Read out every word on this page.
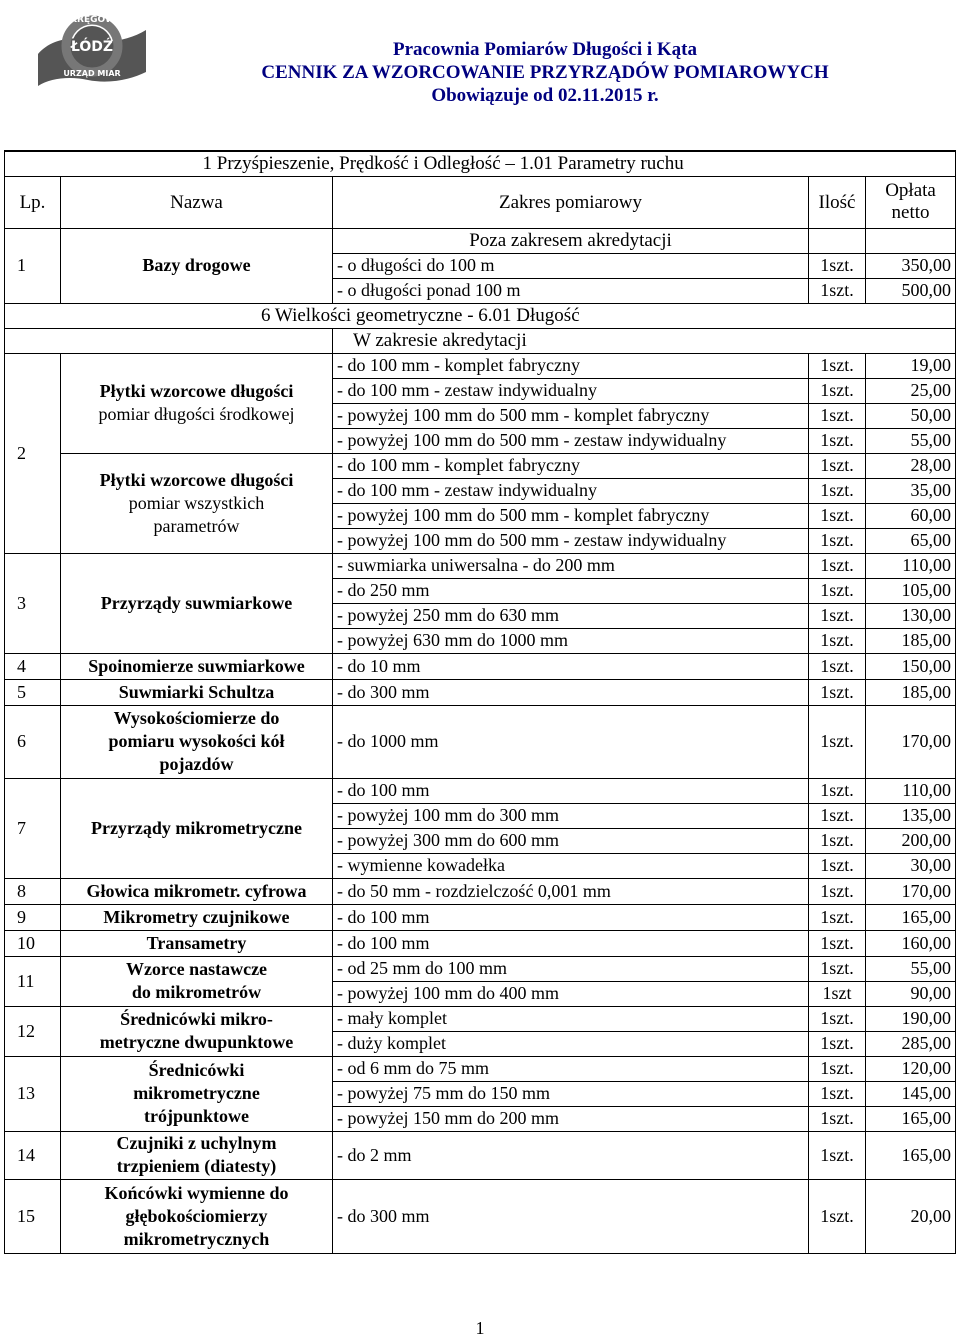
OKRĘGOWY
ŁÓDŹ
URZĄD MIAR
Pracownia Pomiarów Długości i Kąta
CENNIK ZA WZORCOWANIE PRZYRZĄDÓW POMIAROWYCH
Obowiązuje od 02.11.2015 r.
	1 Przyśpieszenie, Prędkość i Odległość – 1.01 Parametry ruchu			
Lp.	Nazwa	Zakres pomiarowy	Ilość	Opłata netto
1	Bazy drogowe	Poza zakresem akredytacji		
		- o długości do 100 m	1szt.	350,00
		- o długości ponad 100 m	1szt.	500,00
6 Wielkości geometryczne - 6.01 Długość				
		W zakresie akredytacji		
2	Płytki wzorcowe długości pomiar długości środkowej	- do 100 mm - komplet fabryczny	1szt.	19,00
		- do 100 mm - zestaw indywidualny	1szt.	25,00
		- powyżej 100 mm do 500 mm - komplet fabryczny	1szt.	50,00
		- powyżej 100 mm do 500 mm - zestaw indywidualny	1szt.	55,00
	Płytki wzorcowe długości pomiar wszystkich parametrów	- do 100 mm - komplet fabryczny	1szt.	28,00
		- do 100 mm - zestaw indywidualny	1szt.	35,00
		- powyżej 100 mm do 500 mm - komplet fabryczny	1szt.	60,00
		- powyżej 100 mm do 500 mm - zestaw indywidualny	1szt.	65,00
3	Przyrządy suwmiarkowe	- suwmiarka uniwersalna - do 200 mm	1szt.	110,00
		- do 250 mm	1szt.	105,00
		- powyżej 250 mm do 630 mm	1szt.	130,00
		- powyżej 630 mm do 1000 mm	1szt.	185,00
4	Spoinomierze suwmiarkowe	- do 10 mm	1szt.	150,00
5	Suwmiarki Schultza	- do 300 mm	1szt.	185,00
6	Wysokościomierze do pomiaru wysokości kół pojazdów	- do 1000 mm	1szt.	170,00
7	Przyrządy mikrometryczne	- do 100 mm	1szt.	110,00
		- powyżej 100 mm do 300 mm	1szt.	135,00
		- powyżej 300 mm do 600 mm	1szt.	200,00
		- wymienne kowadełka	1szt.	30,00
8	Głowica mikrometr. cyfrowa	- do 50 mm - rozdzielczość 0,001 mm	1szt.	170,00
9	Mikrometry czujnikowe	- do 100 mm	1szt.	165,00
10	Transametry	- do 100 mm	1szt.	160,00
11	Wzorce nastawcze do mikrometrów	- od 25 mm do 100 mm	1szt.	55,00
		- powyżej 100 mm do 400 mm	1szt	90,00
12	Średnicówki mikro-metryczne dwupunktowe	- mały komplet	1szt.	190,00
		- duży komplet	1szt.	285,00
13	Średnicówki mikrometryczne trójpunktowe	- od 6 mm do 75 mm	1szt.	120,00
		- powyżej 75 mm do 150 mm	1szt.	145,00
		- powyżej 150 mm do 200 mm	1szt.	165,00
14	Czujniki z uchylnym trzpieniem (diatesty)	- do 2 mm	1szt.	165,00
15	Końcówki wymienne do głębokościomierzy mikrometrycznych	- do 300 mm	1szt.	20,00
1
